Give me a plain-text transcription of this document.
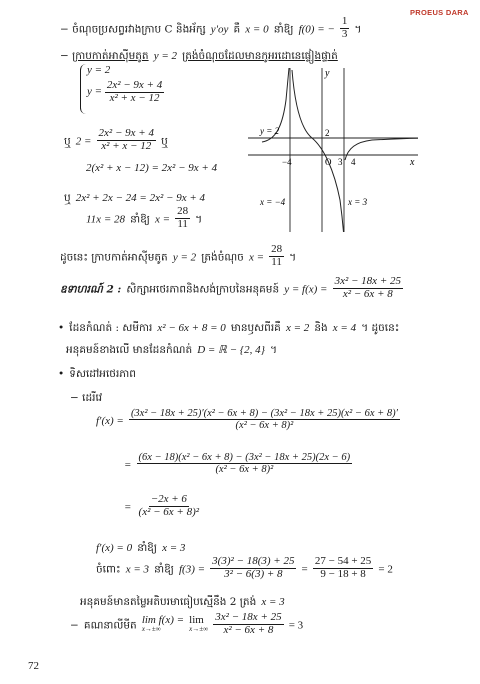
PROEUS DARA
− ចំណុចប្រសព្វរវាងក្រាប C និងអ័ក្ស y'oy គឺ x = 0 នាំឱ្យ f(0) = − $\frac{1}{3}$ ។
− ក្រាបកាត់អាស៊ីមតូត y = 2 ត្រង់ចំណុចដែលមានកូអរដោនេផ្ទៀងផ្ទាត់
y = 2
$y = \frac{\text{2x² − 9x + 4}}{\text{x² + x − 12}}$
ឬ $2 = \frac{\text{2x² − 9x + 4}}{\text{x² + x − 12}}$ ឬ
2(x² + x − 12) = 2x² − 9x + 4
ឬ 2x² + 2x − 24 = 2x² − 9x + 4
11x = 28 នាំឱ្យ $x = \frac{28}{11}$ ។
y
x
y = 2	2
−4	O 3 4
x = −4	x = 3
ដូចនេះ ក្រាបកាត់អាស៊ីមតូត y = 2 ត្រង់ចំណុច $x = \frac{28}{11}$ ។
ឧទាហរណ៍ 2 : សិក្សាអថេរភាពនិងសង់ក្រាបនៃអនុគមន៍ $y = f(x) = \frac{\text{3x² − 18x + 25}}{\text{x² − 6x + 8}}$
• ដែនកំណត់ : សមីការ x² − 6x + 8 = 0 មានឫសពីរគឺ x = 2 និង x = 4 ។ ដូចនេះ
អនុគមន៍ខាងលើ មានដែនកំណត់ D = ℝ − {2, 4} ។
• ទិសដៅអថេរភាព
− ដេរីវេ
f′(x) =
(3x² − 18x + 25)′(x² − 6x + 8) − (3x² − 18x + 25)(x² − 6x + 8)′
(x² − 6x + 8)²
= $\frac{\text{(6x − 18)(x² − 6x + 8) − (3x² − 18x + 25)(2x − 6)}}{\text{(x² − 6x + 8)²}}$
= $\frac{-2x + 6}{\text{(x² − 6x + 8)²}}$
f′(x) = 0 នាំឱ្យ x = 3
ចំពោះ x = 3 នាំឱ្យ $f(3) = \frac{\text{3(3)² − 18(3) + 25}}{\text{3² − 6(3) + 8}} = \frac{27 - 54 + 25}{9 - 18 + 8} = 2$
អនុគមន៍មានតម្លៃអតិបរមាធៀបស្មើនឹង 2 ត្រង់ x = 3
− គណនាលីមីត lim f(x) =
x→±∞

lim
x→±∞
$\frac{\text{3x² − 18x + 25}}{\text{x² − 6x + 8}} = 3$
72
